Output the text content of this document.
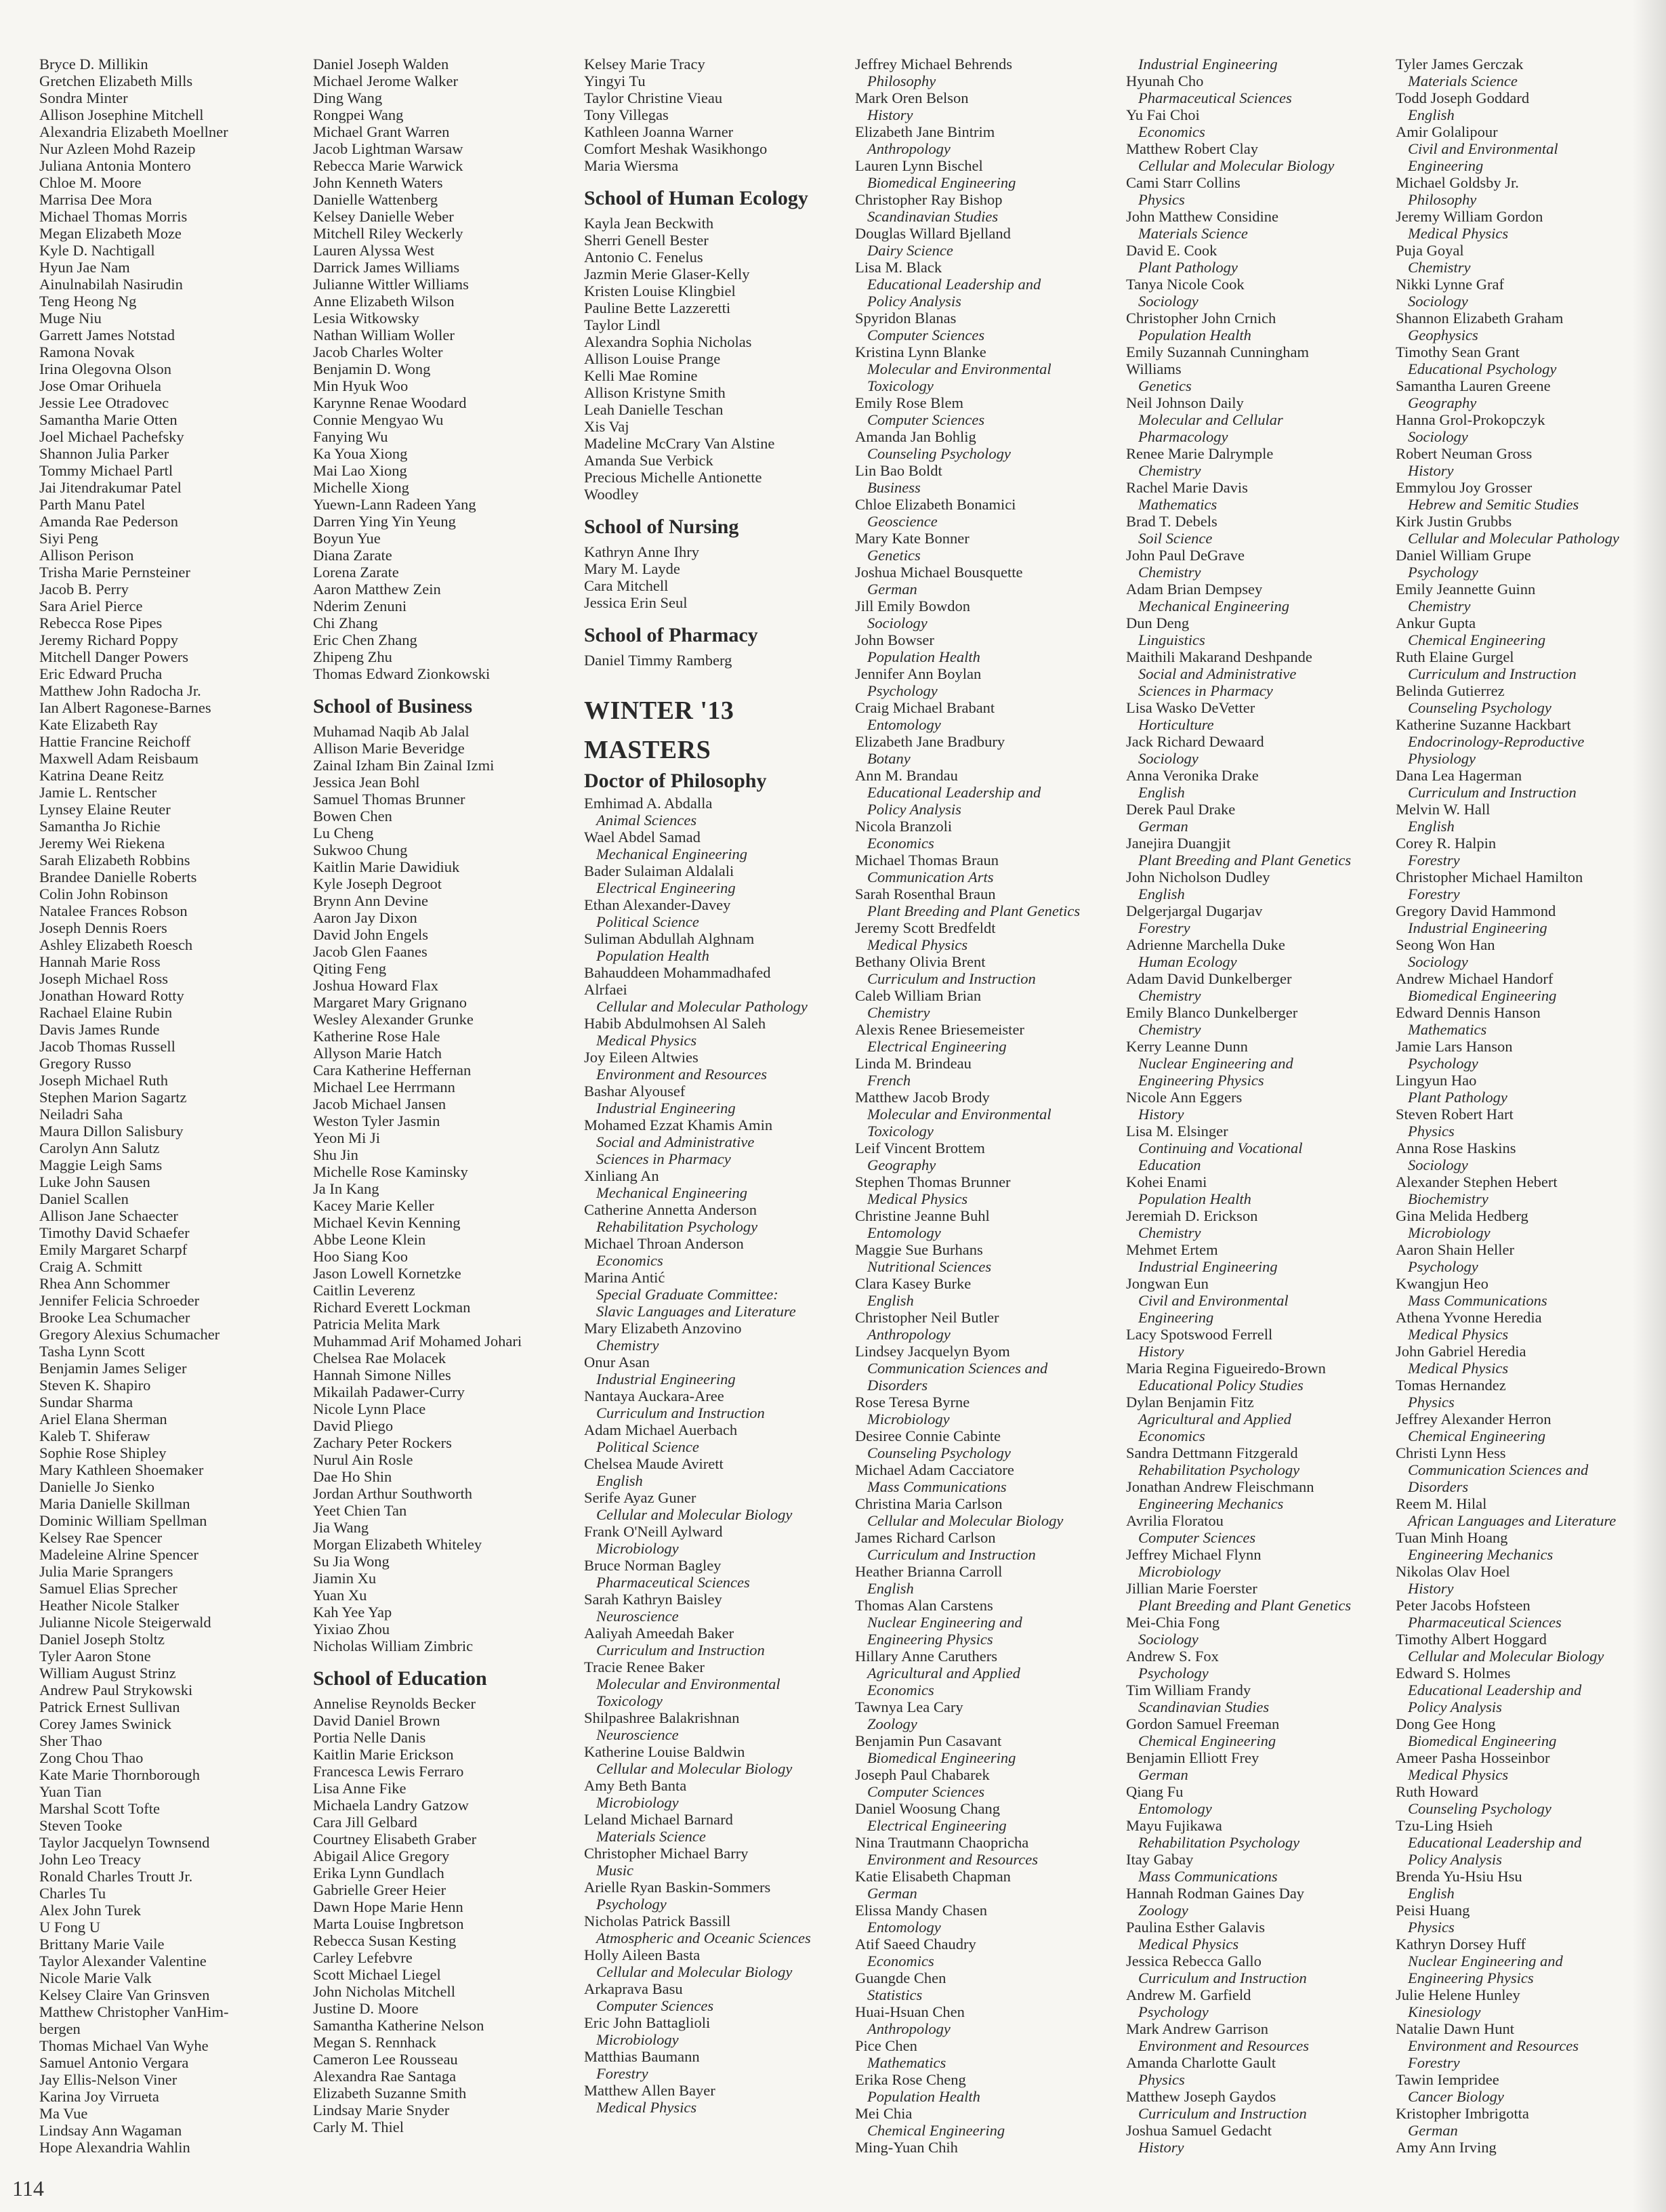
Bryce D. Millikin
Gretchen Elizabeth Mills
Sondra Minter
Allison Josephine Mitchell
Alexandria Elizabeth Moellner
Nur Azleen Mohd Razeip
Juliana Antonia Montero
Chloe M. Moore
Marrisa Dee Mora
Michael Thomas Morris
Megan Elizabeth Moze
Kyle D. Nachtigall
Hyun Jae Nam
Ainulnabilah Nasirudin
Teng Heong Ng
Muge Niu
Garrett James Notstad
Ramona Novak
Irina Olegovna Olson
Jose Omar Orihuela
Jessie Lee Otradovec
Samantha Marie Otten
Joel Michael Pachefsky
Shannon Julia Parker
Tommy Michael Partl
Jai Jitendrakumar Patel
Parth Manu Patel
Amanda Rae Pederson
Siyi Peng
Allison Perison
Trisha Marie Pernsteiner
Jacob B. Perry
Sara Ariel Pierce
Rebecca Rose Pipes
Jeremy Richard Poppy
Mitchell Danger Powers
Eric Edward Prucha
Matthew John Radocha Jr.
Ian Albert Ragonese-Barnes
Kate Elizabeth Ray
Hattie Francine Reichoff
Maxwell Adam Reisbaum
Katrina Deane Reitz
Jamie L. Rentscher
Lynsey Elaine Reuter
Samantha Jo Richie
Jeremy Wei Riekena
Sarah Elizabeth Robbins
Brandee Danielle Roberts
Colin John Robinson
Natalee Frances Robson
Joseph Dennis Roers
Ashley Elizabeth Roesch
Hannah Marie Ross
Joseph Michael Ross
Jonathan Howard Rotty
Rachael Elaine Rubin
Davis James Runde
Jacob Thomas Russell
Gregory Russo
Joseph Michael Ruth
Stephen Marion Sagartz
Neiladri Saha
Maura Dillon Salisbury
Carolyn Ann Salutz
Maggie Leigh Sams
Luke John Sausen
Daniel Scallen
Allison Jane Schaecter
Timothy David Schaefer
Emily Margaret Scharpf
Craig A. Schmitt
Rhea Ann Schommer
Jennifer Felicia Schroeder
Brooke Lea Schumacher
Gregory Alexius Schumacher
Tasha Lynn Scott
Benjamin James Seliger
Steven K. Shapiro
Sundar Sharma
Ariel Elana Sherman
Kaleb T. Shiferaw
Sophie Rose Shipley
Mary Kathleen Shoemaker
Danielle Jo Sienko
Maria Danielle Skillman
Dominic William Spellman
Kelsey Rae Spencer
Madeleine Alrine Spencer
Julia Marie Sprangers
Samuel Elias Sprecher
Heather Nicole Stalker
Julianne Nicole Steigerwald
Daniel Joseph Stoltz
Tyler Aaron Stone
William August Strinz
Andrew Paul Strykowski
Patrick Ernest Sullivan
Corey James Swinick
Sher Thao
Zong Chou Thao
Kate Marie Thornborough
Yuan Tian
Marshal Scott Tofte
Steven Tooke
Taylor Jacquelyn Townsend
John Leo Treacy
Ronald Charles Troutt Jr.
Charles Tu
Alex John Turek
U Fong U
Brittany Marie Vaile
Taylor Alexander Valentine
Nicole Marie Valk
Kelsey Claire Van Grinsven
Matthew Christopher VanHim-
bergen
Thomas Michael Van Wyhe
Samuel Antonio Vergara
Jay Ellis-Nelson Viner
Karina Joy Virrueta
Ma Vue
Lindsay Ann Wagaman
Hope Alexandria Wahlin
Daniel Joseph Walden
Michael Jerome Walker
Ding Wang
Rongpei Wang
Michael Grant Warren
Jacob Lightman Warsaw
Rebecca Marie Warwick
John Kenneth Waters
Danielle Wattenberg
Kelsey Danielle Weber
Mitchell Riley Weckerly
Lauren Alyssa West
Darrick James Williams
Julianne Wittler Williams
Anne Elizabeth Wilson
Lesia Witkowsky
Nathan William Woller
Jacob Charles Wolter
Benjamin D. Wong
Min Hyuk Woo
Karynne Renae Woodard
Connie Mengyao Wu
Fanying Wu
Ka Youa Xiong
Mai Lao Xiong
Michelle Xiong
Yuewn-Lann Radeen Yang
Darren Ying Yin Yeung
Boyun Yue
Diana Zarate
Lorena Zarate
Aaron Matthew Zein
Nderim Zenuni
Chi Zhang
Eric Chen Zhang
Zhipeng Zhu
Thomas Edward Zionkowski
School of Business
Muhamad Naqib Ab Jalal
Allison Marie Beveridge
Zainal Izham Bin Zainal Izmi
Jessica Jean Bohl
Samuel Thomas Brunner
Bowen Chen
Lu Cheng
Sukwoo Chung
Kaitlin Marie Dawidiuk
Kyle Joseph Degroot
Brynn Ann Devine
Aaron Jay Dixon
David John Engels
Jacob Glen Faanes
Qiting Feng
Joshua Howard Flax
Margaret Mary Grignano
Wesley Alexander Grunke
Katherine Rose Hale
Allyson Marie Hatch
Cara Katherine Heffernan
Michael Lee Herrmann
Jacob Michael Jansen
Weston Tyler Jasmin
Yeon Mi Ji
Shu Jin
Michelle Rose Kaminsky
Ja In Kang
Kacey Marie Keller
Michael Kevin Kenning
Abbe Leone Klein
Hoo Siang Koo
Jason Lowell Kornetzke
Caitlin Leverenz
Richard Everett Lockman
Patricia Melita Mark
Muhammad Arif Mohamed Johari
Chelsea Rae Molacek
Hannah Simone Nilles
Mikailah Padawer-Curry
Nicole Lynn Place
David Pliego
Zachary Peter Rockers
Nurul Ain Rosle
Dae Ho Shin
Jordan Arthur Southworth
Yeet Chien Tan
Jia Wang
Morgan Elizabeth Whiteley
Su Jia Wong
Jiamin Xu
Yuan Xu
Kah Yee Yap
Yixiao Zhou
Nicholas William Zimbric
School of Education
Annelise Reynolds Becker
David Daniel Brown
Portia Nelle Danis
Kaitlin Marie Erickson
Francesca Lewis Ferraro
Lisa Anne Fike
Michaela Landry Gatzow
Cara Jill Gelbard
Courtney Elisabeth Graber
Abigail Alice Gregory
Erika Lynn Gundlach
Gabrielle Greer Heier
Dawn Hope Marie Henn
Marta Louise Ingbretson
Rebecca Susan Kesting
Carley Lefebvre
Scott Michael Liegel
John Nicholas Mitchell
Justine D. Moore
Samantha Katherine Nelson
Megan S. Rennhack
Cameron Lee Rousseau
Alexandra Rae Santaga
Elizabeth Suzanne Smith
Lindsay Marie Snyder
Carly M. Thiel
Kelsey Marie Tracy
Yingyi Tu
Taylor Christine Vieau
Tony Villegas
Kathleen Joanna Warner
Comfort Meshak Wasikhongo
Maria Wiersma
School of Human Ecology
Kayla Jean Beckwith
Sherri Genell Bester
Antonio C. Fenelus
Jazmin Merie Glaser-Kelly
Kristen Louise Klingbiel
Pauline Bette Lazzeretti
Taylor Lindl
Alexandra Sophia Nicholas
Allison Louise Prange
Kelli Mae Romine
Allison Kristyne Smith
Leah Danielle Teschan
Xis Vaj
Madeline McCrary Van Alstine
Amanda Sue Verbick
Precious Michelle Antionette
Woodley
School of Nursing
Kathryn Anne Ihry
Mary M. Layde
Cara Mitchell
Jessica Erin Seul
School of Pharmacy
Daniel Timmy Ramberg
WINTER '13
MASTERS
Doctor of Philosophy
Emhimad A. Abdalla
Animal Sciences
Wael Abdel Samad
Mechanical Engineering
Bader Sulaiman Aldalali
Electrical Engineering
Ethan Alexander-Davey
Political Science
Suliman Abdullah Alghnam
Population Health
Bahauddeen Mohammadhafed
Alrfaei
Cellular and Molecular Pathology
Habib Abdulmohsen Al Saleh
Medical Physics
Joy Eileen Altwies
Environment and Resources
Bashar Alyousef
Industrial Engineering
Mohamed Ezzat Khamis Amin
Social and Administrative
Sciences in Pharmacy
Xinliang An
Mechanical Engineering
Catherine Annetta Anderson
Rehabilitation Psychology
Michael Throan Anderson
Economics
Marina Antić
Special Graduate Committee:
Slavic Languages and Literature
Mary Elizabeth Anzovino
Chemistry
Onur Asan
Industrial Engineering
Nantaya Auckara-Aree
Curriculum and Instruction
Adam Michael Auerbach
Political Science
Chelsea Maude Avirett
English
Serife Ayaz Guner
Cellular and Molecular Biology
Frank O'Neill Aylward
Microbiology
Bruce Norman Bagley
Pharmaceutical Sciences
Sarah Kathryn Baisley
Neuroscience
Aaliyah Ameedah Baker
Curriculum and Instruction
Tracie Renee Baker
Molecular and Environmental
Toxicology
Shilpashree Balakrishnan
Neuroscience
Katherine Louise Baldwin
Cellular and Molecular Biology
Amy Beth Banta
Microbiology
Leland Michael Barnard
Materials Science
Christopher Michael Barry
Music
Arielle Ryan Baskin-Sommers
Psychology
Nicholas Patrick Bassill
Atmospheric and Oceanic Sciences
Holly Aileen Basta
Cellular and Molecular Biology
Arkaprava Basu
Computer Sciences
Eric John Battaglioli
Microbiology
Matthias Baumann
Forestry
Matthew Allen Bayer
Medical Physics
Jeffrey Michael Behrends
Philosophy
Mark Oren Belson
History
Elizabeth Jane Bintrim
Anthropology
Lauren Lynn Bischel
Biomedical Engineering
Christopher Ray Bishop
Scandinavian Studies
Douglas Willard Bjelland
Dairy Science
Lisa M. Black
Educational Leadership and
Policy Analysis
Spyridon Blanas
Computer Sciences
Kristina Lynn Blanke
Molecular and Environmental
Toxicology
Emily Rose Blem
Computer Sciences
Amanda Jan Bohlig
Counseling Psychology
Lin Bao Boldt
Business
Chloe Elizabeth Bonamici
Geoscience
Mary Kate Bonner
Genetics
Joshua Michael Bousquette
German
Jill Emily Bowdon
Sociology
John Bowser
Population Health
Jennifer Ann Boylan
Psychology
Craig Michael Brabant
Entomology
Elizabeth Jane Bradbury
Botany
Ann M. Brandau
Educational Leadership and
Policy Analysis
Nicola Branzoli
Economics
Michael Thomas Braun
Communication Arts
Sarah Rosenthal Braun
Plant Breeding and Plant Genetics
Jeremy Scott Bredfeldt
Medical Physics
Bethany Olivia Brent
Curriculum and Instruction
Caleb William Brian
Chemistry
Alexis Renee Briesemeister
Electrical Engineering
Linda M. Brindeau
French
Matthew Jacob Brody
Molecular and Environmental
Toxicology
Leif Vincent Brottem
Geography
Stephen Thomas Brunner
Medical Physics
Christine Jeanne Buhl
Entomology
Maggie Sue Burhans
Nutritional Sciences
Clara Kasey Burke
English
Christopher Neil Butler
Anthropology
Lindsey Jacquelyn Byom
Communication Sciences and
Disorders
Rose Teresa Byrne
Microbiology
Desiree Connie Cabinte
Counseling Psychology
Michael Adam Cacciatore
Mass Communications
Christina Maria Carlson
Cellular and Molecular Biology
James Richard Carlson
Curriculum and Instruction
Heather Brianna Carroll
English
Thomas Alan Carstens
Nuclear Engineering and
Engineering Physics
Hillary Anne Caruthers
Agricultural and Applied
Economics
Tawnya Lea Cary
Zoology
Benjamin Pun Casavant
Biomedical Engineering
Joseph Paul Chabarek
Computer Sciences
Daniel Woosung Chang
Electrical Engineering
Nina Trautmann Chaopricha
Environment and Resources
Katie Elisabeth Chapman
German
Elissa Mandy Chasen
Entomology
Atif Saeed Chaudry
Economics
Guangde Chen
Statistics
Huai-Hsuan Chen
Anthropology
Pice Chen
Mathematics
Erika Rose Cheng
Population Health
Mei Chia
Chemical Engineering
Ming-Yuan Chih
Industrial Engineering
Hyunah Cho
Pharmaceutical Sciences
Yu Fai Choi
Economics
Matthew Robert Clay
Cellular and Molecular Biology
Cami Starr Collins
Physics
John Matthew Considine
Materials Science
David E. Cook
Plant Pathology
Tanya Nicole Cook
Sociology
Christopher John Crnich
Population Health
Emily Suzannah Cunningham
Williams
Genetics
Neil Johnson Daily
Molecular and Cellular
Pharmacology
Renee Marie Dalrymple
Chemistry
Rachel Marie Davis
Mathematics
Brad T. Debels
Soil Science
John Paul DeGrave
Chemistry
Adam Brian Dempsey
Mechanical Engineering
Dun Deng
Linguistics
Maithili Makarand Deshpande
Social and Administrative
Sciences in Pharmacy
Lisa Wasko DeVetter
Horticulture
Jack Richard Dewaard
Sociology
Anna Veronika Drake
English
Derek Paul Drake
German
Janejira Duangjit
Plant Breeding and Plant Genetics
John Nicholson Dudley
English
Delgerjargal Dugarjav
Forestry
Adrienne Marchella Duke
Human Ecology
Adam David Dunkelberger
Chemistry
Emily Blanco Dunkelberger
Chemistry
Kerry Leanne Dunn
Nuclear Engineering and
Engineering Physics
Nicole Ann Eggers
History
Lisa M. Elsinger
Continuing and Vocational
Education
Kohei Enami
Population Health
Jeremiah D. Erickson
Chemistry
Mehmet Ertem
Industrial Engineering
Jongwan Eun
Civil and Environmental
Engineering
Lacy Spotswood Ferrell
History
Maria Regina Figueiredo-Brown
Educational Policy Studies
Dylan Benjamin Fitz
Agricultural and Applied
Economics
Sandra Dettmann Fitzgerald
Rehabilitation Psychology
Jonathan Andrew Fleischmann
Engineering Mechanics
Avrilia Floratou
Computer Sciences
Jeffrey Michael Flynn
Microbiology
Jillian Marie Foerster
Plant Breeding and Plant Genetics
Mei-Chia Fong
Sociology
Andrew S. Fox
Psychology
Tim William Frandy
Scandinavian Studies
Gordon Samuel Freeman
Chemical Engineering
Benjamin Elliott Frey
German
Qiang Fu
Entomology
Mayu Fujikawa
Rehabilitation Psychology
Itay Gabay
Mass Communications
Hannah Rodman Gaines Day
Zoology
Paulina Esther Galavis
Medical Physics
Jessica Rebecca Gallo
Curriculum and Instruction
Andrew M. Garfield
Psychology
Mark Andrew Garrison
Environment and Resources
Amanda Charlotte Gault
Physics
Matthew Joseph Gaydos
Curriculum and Instruction
Joshua Samuel Gedacht
History
Tyler James Gerczak
Materials Science
Todd Joseph Goddard
English
Amir Golalipour
Civil and Environmental
Engineering
Michael Goldsby Jr.
Philosophy
Jeremy William Gordon
Medical Physics
Puja Goyal
Chemistry
Nikki Lynne Graf
Sociology
Shannon Elizabeth Graham
Geophysics
Timothy Sean Grant
Educational Psychology
Samantha Lauren Greene
Geography
Hanna Grol-Prokopczyk
Sociology
Robert Neuman Gross
History
Emmylou Joy Grosser
Hebrew and Semitic Studies
Kirk Justin Grubbs
Cellular and Molecular Pathology
Daniel William Grupe
Psychology
Emily Jeannette Guinn
Chemistry
Ankur Gupta
Chemical Engineering
Ruth Elaine Gurgel
Curriculum and Instruction
Belinda Gutierrez
Counseling Psychology
Katherine Suzanne Hackbart
Endocrinology-Reproductive
Physiology
Dana Lea Hagerman
Curriculum and Instruction
Melvin W. Hall
English
Corey R. Halpin
Forestry
Christopher Michael Hamilton
Forestry
Gregory David Hammond
Industrial Engineering
Seong Won Han
Sociology
Andrew Michael Handorf
Biomedical Engineering
Edward Dennis Hanson
Mathematics
Jamie Lars Hanson
Psychology
Lingyun Hao
Plant Pathology
Steven Robert Hart
Physics
Anna Rose Haskins
Sociology
Alexander Stephen Hebert
Biochemistry
Gina Melida Hedberg
Microbiology
Aaron Shain Heller
Psychology
Kwangjun Heo
Mass Communications
Athena Yvonne Heredia
Medical Physics
John Gabriel Heredia
Medical Physics
Tomas Hernandez
Physics
Jeffrey Alexander Herron
Chemical Engineering
Christi Lynn Hess
Communication Sciences and
Disorders
Reem M. Hilal
African Languages and Literature
Tuan Minh Hoang
Engineering Mechanics
Nikolas Olav Hoel
History
Peter Jacobs Hofsteen
Pharmaceutical Sciences
Timothy Albert Hoggard
Cellular and Molecular Biology
Edward S. Holmes
Educational Leadership and
Policy Analysis
Dong Gee Hong
Biomedical Engineering
Ameer Pasha Hosseinbor
Medical Physics
Ruth Howard
Counseling Psychology
Tzu-Ling Hsieh
Educational Leadership and
Policy Analysis
Brenda Yu-Hsiu Hsu
English
Peisi Huang
Physics
Kathryn Dorsey Huff
Nuclear Engineering and
Engineering Physics
Julie Helene Hunley
Kinesiology
Natalie Dawn Hunt
Environment and Resources
Forestry
Tawin Iempridee
Cancer Biology
Kristopher Imbrigotta
German
Amy Ann Irving
114
